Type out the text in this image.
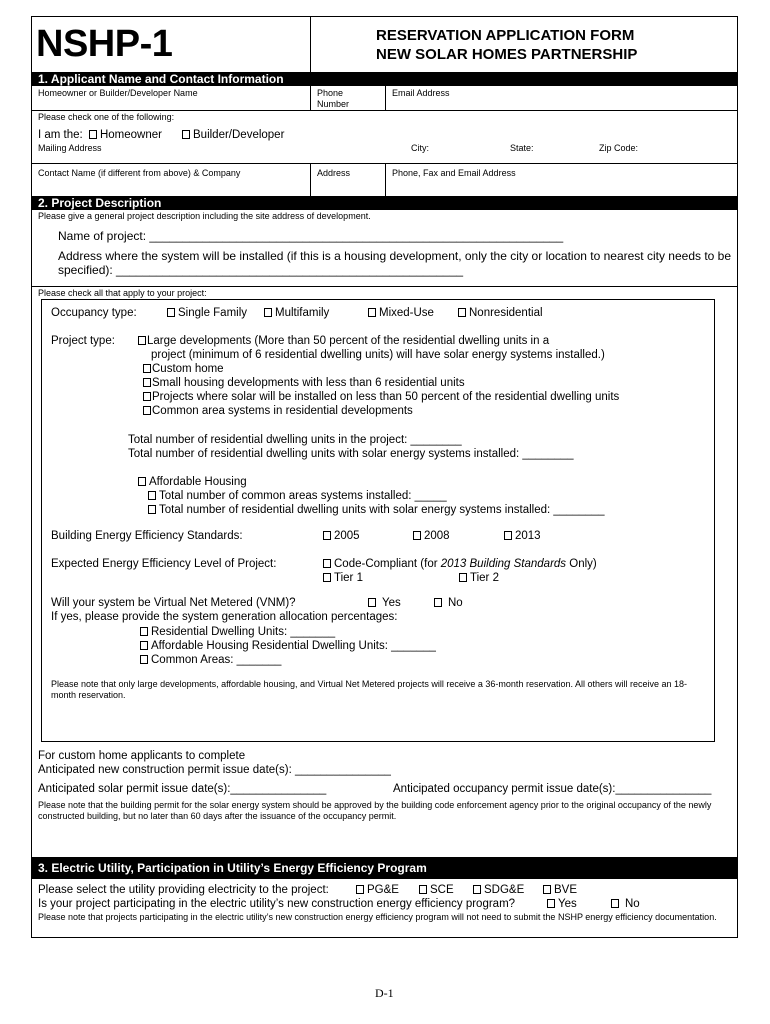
NSHP-1	RESERVATION APPLICATION FORM
NEW SOLAR HOMES PARTNERSHIP
1. Applicant Name and Contact Information
Homeowner or Builder/Developer Name	Phone
Number
Email Address
Please check one of the following:
I am the: Homeowner	Builder/Developer
Mailing Address	City:	State:	Zip Code:
Contact Name (if different from above) & Company	Address	Phone, Fax and Email Address
2. Project Description
Please give a general project description including the site address of development.
Name of project: ______________________________________________________________
Address where the system will be installed (if this is a housing development, only the city or location to nearest city needs to be
specified): ____________________________________________________
Please check all that apply to your project:
Occupancy type:	Single Family	Multifamily	Mixed-Use	Nonresidential
Project type:	Large developments (More than 50 percent of the residential dwelling units in a
project (minimum of 6 residential dwelling units) will have solar energy systems installed.)
Custom home
Small housing developments with less than 6 residential units
Projects where solar will be installed on less than 50 percent of the residential dwelling units
Common area systems in residential developments
Total number of residential dwelling units in the project: ________
Total number of residential dwelling units with solar energy systems installed: ________
Affordable Housing
Total number of common areas systems installed: _____
Total number of residential dwelling units with solar energy systems installed: ________
Building Energy Efficiency Standards:	2005	2008	2013
Expected Energy Efficiency Level of Project:	Code-Compliant (for 2013 Building Standards Only)
Tier 1	Tier 2
Will your system be Virtual Net Metered (VNM)?	Yes	No
If yes, please provide the system generation allocation percentages:
Residential Dwelling Units: _______
Affordable Housing Residential Dwelling Units: _______
Common Areas: _______
Please note that only large developments, affordable housing, and Virtual Net Metered projects will receive a 36-month reservation. All others will receive an 18-month reservation.
For custom home applicants to complete
Anticipated new construction permit issue date(s): _______________
Anticipated solar permit issue date(s):_______________	Anticipated occupancy permit issue date(s):_______________
Please note that the building permit for the solar energy system should be approved by the building code enforcement agency prior to the original occupancy of the newly constructed building, but no later than 60 days after the issuance of the occupancy permit.
3. Electric Utility, Participation in Utility’s Energy Efficiency Program
Please select the utility providing electricity to the project:	PG&E	SCE	SDG&E	BVE
Is your project participating in the electric utility’s new construction energy efficiency program?	Yes	No
Please note that projects participating in the electric utility’s new construction energy efficiency program will not need to submit the NSHP energy efficiency documentation.
D-1
